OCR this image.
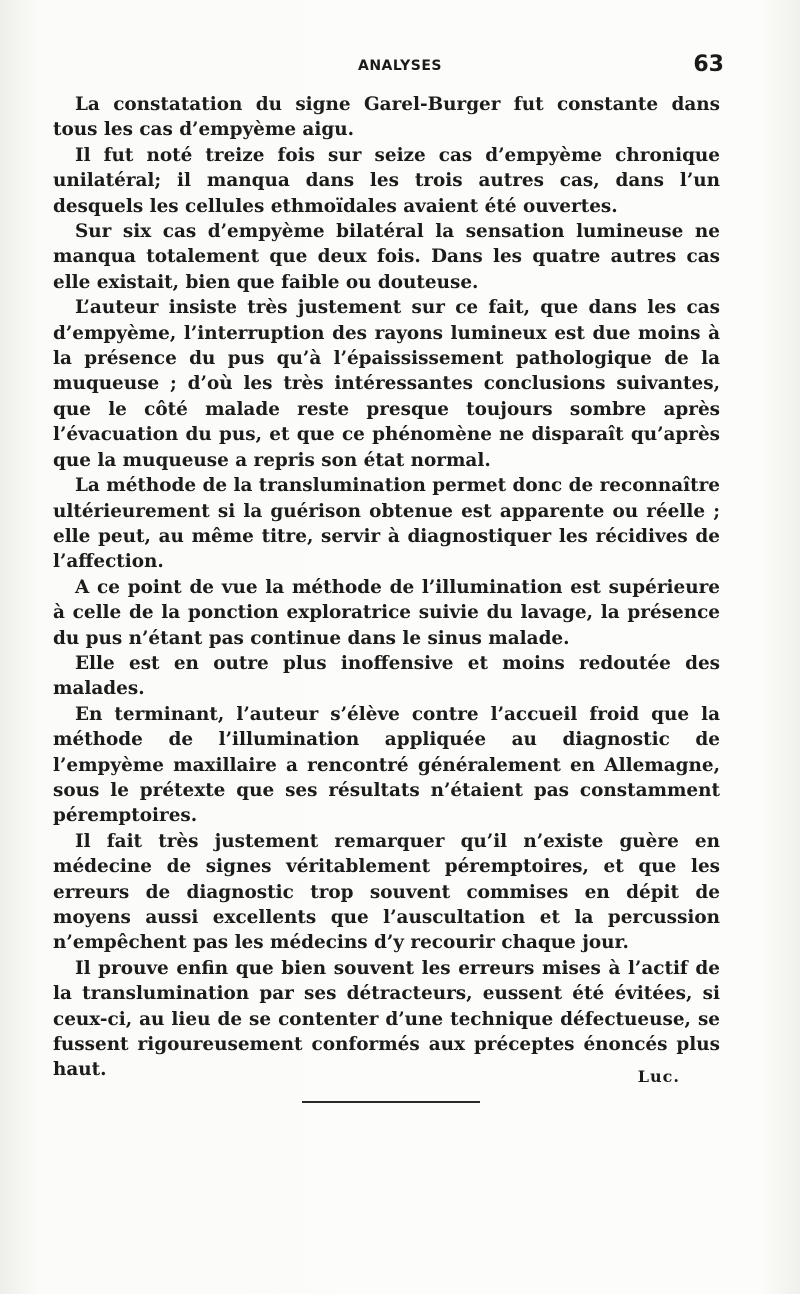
ANALYSES	63

La constatation du signe Garel-Burger fut constante dans tous les cas d’empyème aigu.

Il fut noté treize fois sur seize cas d’empyème chronique unilatéral; il manqua dans les trois autres cas, dans l’un desquels les cellules ethmoïdales avaient été ouvertes.

Sur six cas d’empyème bilatéral la sensation lumineuse ne manqua totalement que deux fois. Dans les quatre autres cas elle existait, bien que faible ou douteuse.

L’auteur insiste très justement sur ce fait, que dans les cas d’empyème, l’interruption des rayons lumineux est due moins à la présence du pus qu’à l’épaississement pathologique de la muqueuse ; d’où les très intéressantes conclusions suivantes, que le côté malade reste presque toujours sombre après l’évacuation du pus, et que ce phénomène ne disparaît qu’après que la muqueuse a repris son état normal.

La méthode de la translumination permet donc de reconnaître ultérieurement si la guérison obtenue est apparente ou réelle ; elle peut, au même titre, servir à diagnostiquer les récidives de l’affection.

A ce point de vue la méthode de l’illumination est supérieure à celle de la ponction exploratrice suivie du lavage, la présence du pus n’étant pas continue dans le sinus malade.

Elle est en outre plus inoffensive et moins redoutée des malades.

En terminant, l’auteur s’élève contre l’accueil froid que la méthode de l’illumination appliquée au diagnostic de l’empyème maxillaire a rencontré généralement en Allemagne, sous le prétexte que ses résultats n’étaient pas constamment péremptoires.

Il fait très justement remarquer qu’il n’existe guère en médecine de signes véritablement péremptoires, et que les erreurs de diagnostic trop souvent commises en dépit de moyens aussi excellents que l’auscultation et la percussion n’empêchent pas les médecins d’y recourir chaque jour.

Il prouve enfin que bien souvent les erreurs mises à l’actif de la translumination par ses détracteurs, eussent été évitées, si ceux-ci, au lieu de se contenter d’une technique défectueuse, se fussent rigoureusement conformés aux préceptes énoncés plus haut.	Luc.
